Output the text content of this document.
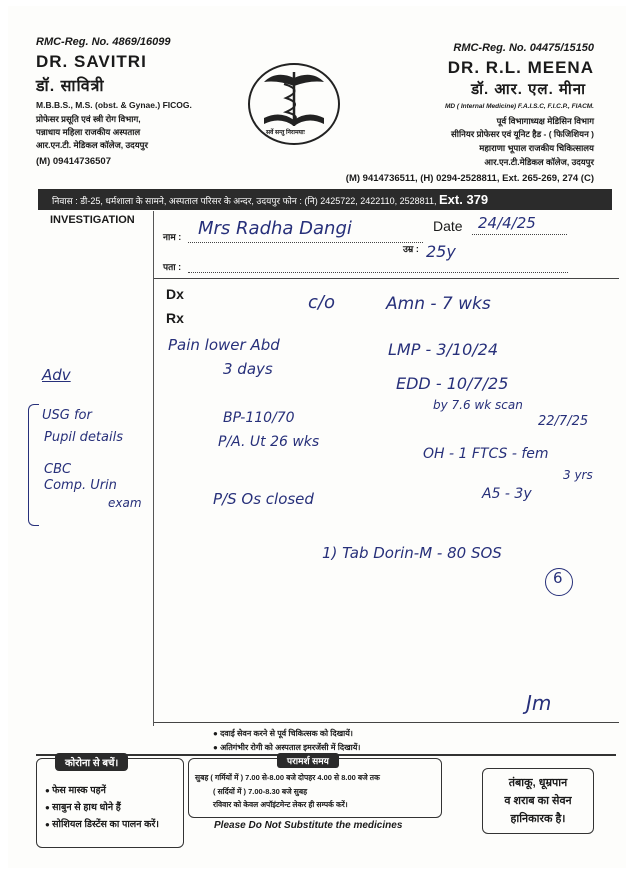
RMC-Reg. No. 4869/16099
DR. SAVITRI
डॉ. सावित्री
M.B.B.S., M.S. (obst. & Gynae.) FICOG.
प्रोफेसर प्रसूति एवं स्त्री रोग विभाग,
पन्नाधाय महिला राजकीय अस्पताल
आर.एन.टी. मेडिकल कॉलेज, उदयपुर
(M) 09414736507
सर्वे सन्तु निरामयाः
RMC-Reg. No. 04475/15150
DR. R.L. MEENA
डॉ. आर. एल. मीना
MD ( Internal Medicine) F.A.I.S.C, F.I.C.P., FIACM.
पूर्व विभागाध्यक्ष मेडिसिन विभाग
सीनियर प्रोफेसर एवं यूनिट हैड - ( फिजिशियन )
महाराणा भूपाल राजकीय चिकित्सालय
आर.एन.टी.मेडिकल कॉलेज, उदयपुर
(M) 9414736511, (H) 0294-2528811, Ext. 265-269, 274 (C)
निवास : डी-25, धर्मशाला के सामने, अस्पताल परिसर के अन्दर, उदयपुर फोन : (नि) 2425722, 2422110, 2528811, Ext. 379
INVESTIGATION
नाम : Mrs Radha Dangi	Date 24/4/25
उम्र : 25y
पता :
Dx
Rx
c/o
Pain lower Abd
3 days
BP-110/70
P/A. Ut 26 wks
P/S Os closed
Amn - 7 wks
LMP - 3/10/24
EDD - 10/7/25
by 7.6 wk scan
22/7/25
OH - 1 FTCS - fem
3 yrs
A5 - 3y
Adv
USG for
Pupil details
CBC
Comp. Urin
exam
1) Tab Dorin-M - 80 SOS
6
Jm
● दवाई सेवन करने से पूर्व चिकित्सक को दिखायें।
● अतिगंभीर रोगी को अस्पताल इमरजेंसी में दिखायें।
कोरोना से बचें।
● फेस मास्क पहनें
● साबुन से हाथ धोने हैं
● सोशियल डिस्टेंस का पालन करें।
परामर्श समय
सुबह ( गर्मियों में ) 7.00 से-8.00 बजे दोपहर 4.00 से 8.00 बजे तक
( सर्दियों में ) 7.00-8.30 बजे सुबह
रविवार को केवल अपॉइंटमेन्ट लेकर ही सम्पर्क करें।
Please Do Not Substitute the medicines
तंबाकू, धूम्रपान
व शराब का सेवन
हानिकारक है।
